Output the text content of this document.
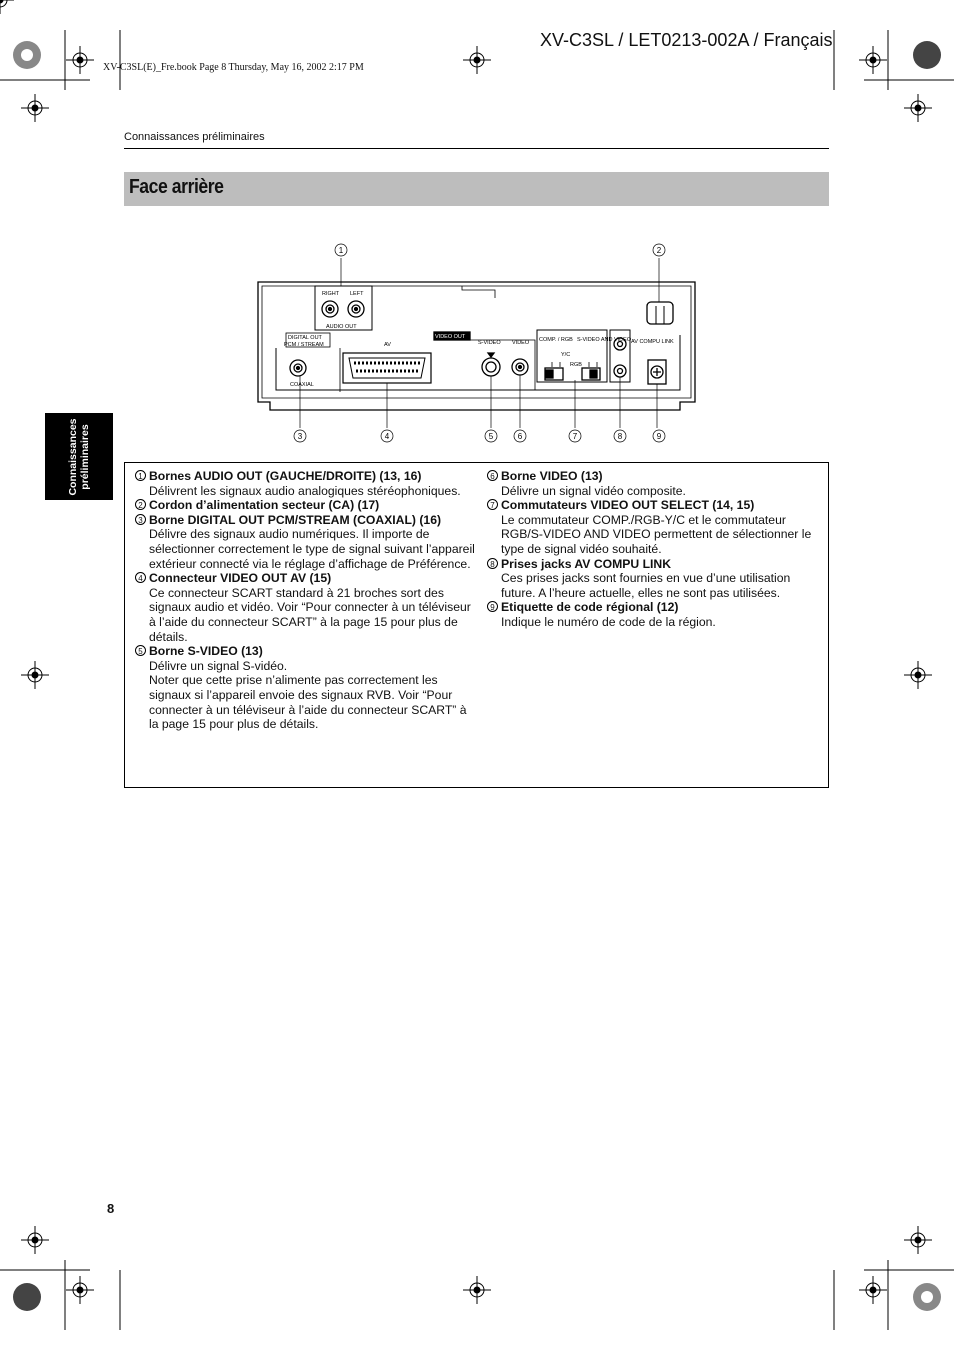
XV-C3SL / LET0213-002A / Français
XV-C3SL(E)_Fre.book Page 8 Thursday, May 16, 2002 2:17 PM
Connaissances préliminaires
Face arrière
Connaissances
préliminaires
RIGHT LEFT
AUDIO OUT
DIGITAL OUT
PCM / STREAM
COAXIAL
AV
VIDEO OUT
S-VIDEO VIDEO COMP. / RGB
Y/C
RGB
S-VIDEO AND VIDEO AV COMPU LINK
1	2
3	4	5	6	7	8	9
1 Bornes AUDIO OUT (GAUCHE/DROITE) (13, 16)
Délivrent les signaux audio analogiques stéréophoniques.
2 Cordon d’alimentation secteur (CA) (17)
3 Borne DIGITAL OUT PCM/STREAM (COAXIAL) (16)
Délivre des signaux audio numériques. Il importe de sélectionner correctement le type de signal suivant l’appareil extérieur connecté via le réglage d’affichage de Préférence.
4 Connecteur VIDEO OUT AV (15)
Ce connecteur SCART standard à 21 broches sort des signaux audio et vidéo. Voir “Pour connecter à un téléviseur à l’aide du connecteur SCART” à la page 15 pour plus de détails.
5 Borne S-VIDEO (13)
Délivre un signal S-vidéo.
Noter que cette prise n’alimente pas correctement les signaux si l’appareil envoie des signaux RVB. Voir “Pour connecter à un téléviseur à l’aide du connecteur SCART” à la page 15 pour plus de détails.
6 Borne VIDEO (13)
Délivre un signal vidéo composite.
7 Commutateurs VIDEO OUT SELECT (14, 15)
Le commutateur COMP./RGB-Y/C et le commutateur RGB/S-VIDEO AND VIDEO permettent de sélectionner le type de signal vidéo souhaité.
8 Prises jacks AV COMPU LINK
Ces prises jacks sont fournies en vue d’une utilisation future. A l’heure actuelle, elles ne sont pas utilisées.
9 Etiquette de code régional (12)
Indique le numéro de code de la région.
8
